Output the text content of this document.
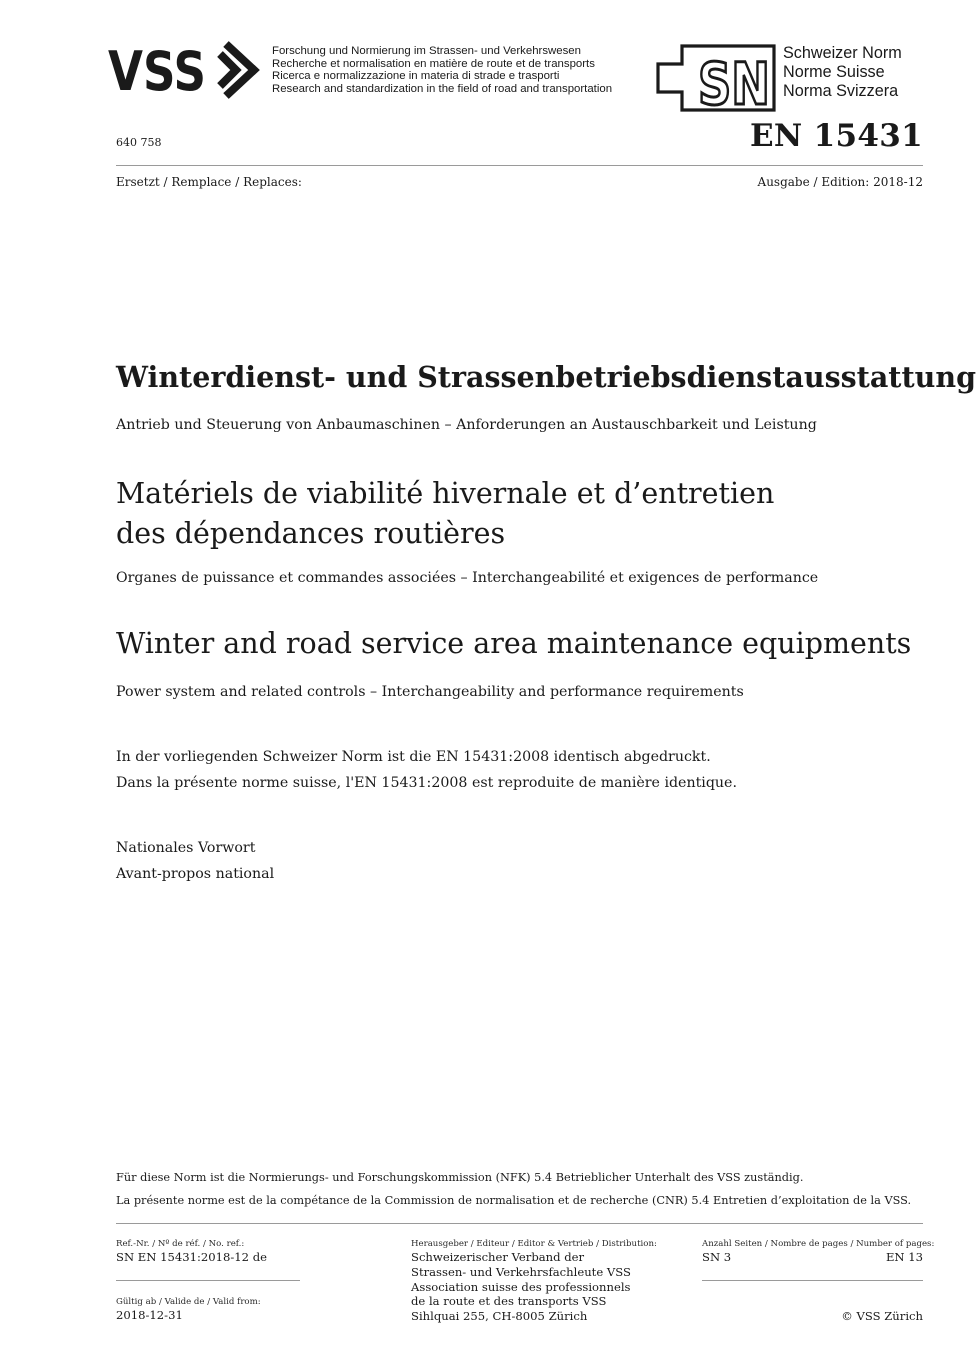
VSS	Forschung und Normierung im Strassen- und Verkehrswesen
Recherche et normalisation en matière de route et de transports
Ricerca e normalizzazione in materia di strade e trasporti
Research and standardization in the field of road and transportation SN Schweizer Norm
Norme Suisse
Norma Svizzera
640 758	EN 15431
Ersetzt / Remplace / Replaces:	Ausgabe / Edition: 2018-12
Winterdienst- und Strassenbetriebsdienstausstattung
Antrieb und Steuerung von Anbaumaschinen – Anforderungen an Austauschbarkeit und Leistung
Matériels de viabilité hivernale et d’entretien
des dépendances routières
Organes de puissance et commandes associées – Interchangeabilité et exigences de performance
Winter and road service area maintenance equipments
Power system and related controls – Interchangeability and performance requirements
In der vorliegenden Schweizer Norm ist die EN 15431:2008 identisch abgedruckt.
Dans la présente norme suisse, l'EN 15431:2008 est reproduite de manière identique.
Nationales Vorwort
Avant-propos national
Für diese Norm ist die Normierungs- und Forschungskommission (NFK) 5.4 Betrieblicher Unterhalt des VSS zuständig.
La présente norme est de la compétance de la Commission de normalisation et de recherche (CNR) 5.4 Entretien d’exploitation de la VSS.
Ref.-Nr. / Nº de réf. / No. ref.:
SN EN 15431:2018-12 de
Gültig ab / Valide de / Valid from:
2018-12-31
Herausgeber / Editeur / Editor & Vertrieb / Distribution:
Schweizerischer Verband der
Strassen- und Verkehrsfachleute VSS
Association suisse des professionnels
de la route et des transports VSS
Sihlquai 255, CH-8005 Zürich
Anzahl Seiten / Nombre de pages / Number of pages:
SN 3	EN 13
© VSS Zürich
